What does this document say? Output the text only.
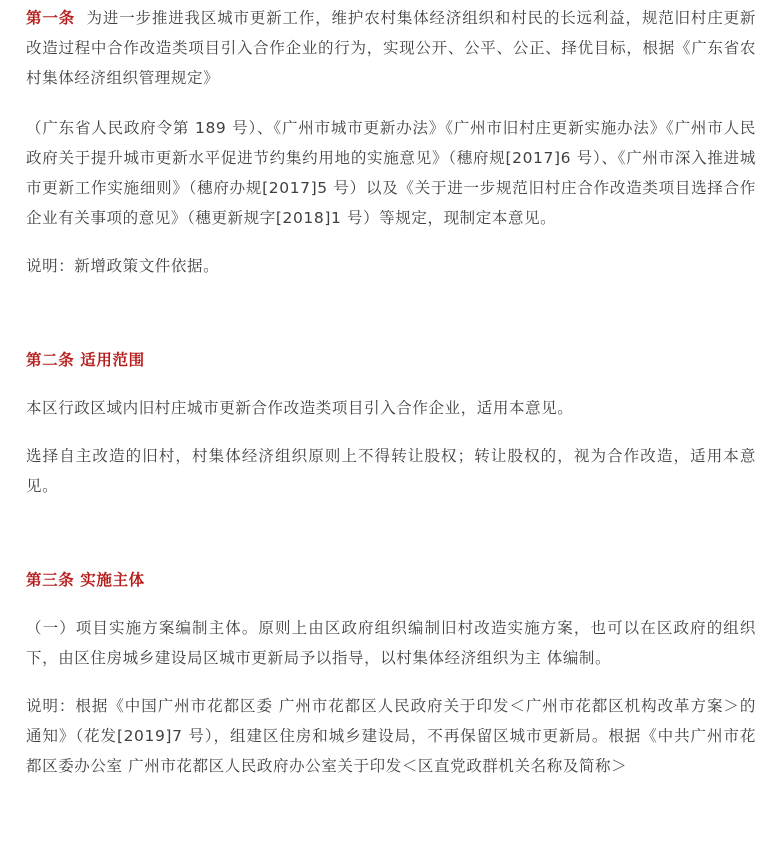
第一条 为进一步推进我区城市更新工作，维护农村集体经济组织和村民的长远利益，规范旧村庄更新改造过程中合作改造类项目引入合作企业的行为，实现公开、公平、公正、择优目标，根据《广东省农村集体经济组织管理规定》

（广东省人民政府令第 189 号）、《广州市城市更新办法》《广州市旧村庄更新实施办法》《广州市人民政府关于提升城市更新水平促进节约集约用地的实施意见》（穗府规[2017]6 号）、《广州市深入推进城市更新工作实施细则》（穗府办规[2017]5 号）以及《关于进一步规范旧村庄合作改造类项目选择合作企业有关事项的意见》（穗更新规字[2018]1 号）等规定，现制定本意见。

说明：新增政策文件依据。

第二条 适用范围

本区行政区域内旧村庄城市更新合作改造类项目引入合作企业，适用本意见。

选择自主改造的旧村，村集体经济组织原则上不得转让股权；转让股权的，视为合作改造，适用本意见。

第三条 实施主体

（一）项目实施方案编制主体。原则上由区政府组织编制旧村改造实施方案，也可以在区政府的组织下，由区住房城乡建设局区城市更新局予以指导，以村集体经济组织为主 体编制。

说明：根据《中国广州市花都区委 广州市花都区人民政府关于印发＜广州市花都区机构改革方案＞的通知》（花发[2019]7 号），组建区住房和城乡建设局，不再保留区城市更新局。根据《中共广州市花都区委办公室 广州市花都区人民政府办公室关于印发＜区直党政群机关名称及简称＞
